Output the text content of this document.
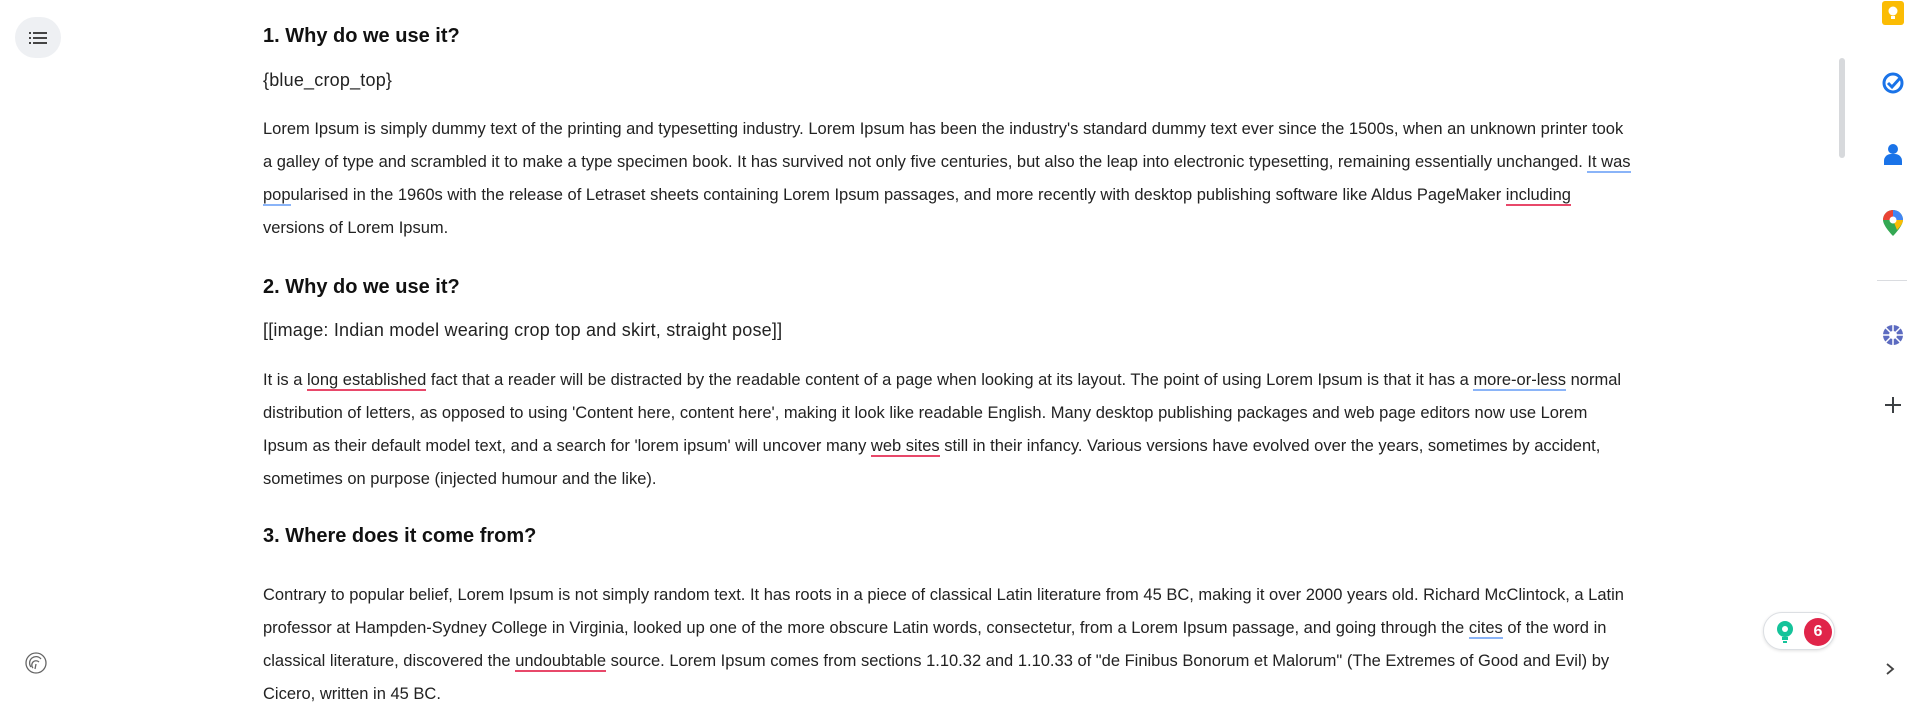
1. Why do we use it?
{blue_crop_top}
Lorem Ipsum is simply dummy text of the printing and typesetting industry. Lorem Ipsum has been the industry's standard dummy text ever since the 1500s, when an unknown printer took a galley of type and scrambled it to make a type specimen book. It has survived not only five centuries, but also the leap into electronic typesetting, remaining essentially unchanged. It was popularised in the 1960s with the release of Letraset sheets containing Lorem Ipsum passages, and more recently with desktop publishing software like Aldus PageMaker including versions of Lorem Ipsum.
2. Why do we use it?
[[image: Indian model wearing crop top and skirt, straight pose]]
It is a long established fact that a reader will be distracted by the readable content of a page when looking at its layout. The point of using Lorem Ipsum is that it has a more-or-less normal distribution of letters, as opposed to using 'Content here, content here', making it look like readable English. Many desktop publishing packages and web page editors now use Lorem Ipsum as their default model text, and a search for 'lorem ipsum' will uncover many web sites still in their infancy. Various versions have evolved over the years, sometimes by accident, sometimes on purpose (injected humour and the like).
3. Where does it come from?
Contrary to popular belief, Lorem Ipsum is not simply random text. It has roots in a piece of classical Latin literature from 45 BC, making it over 2000 years old. Richard McClintock, a Latin professor at Hampden-Sydney College in Virginia, looked up one of the more obscure Latin words, consectetur, from a Lorem Ipsum passage, and going through the cites of the word in classical literature, discovered the undoubtable source. Lorem Ipsum comes from sections 1.10.32 and 1.10.33 of "de Finibus Bonorum et Malorum" (The Extremes of Good and Evil) by Cicero, written in 45 BC.
6
